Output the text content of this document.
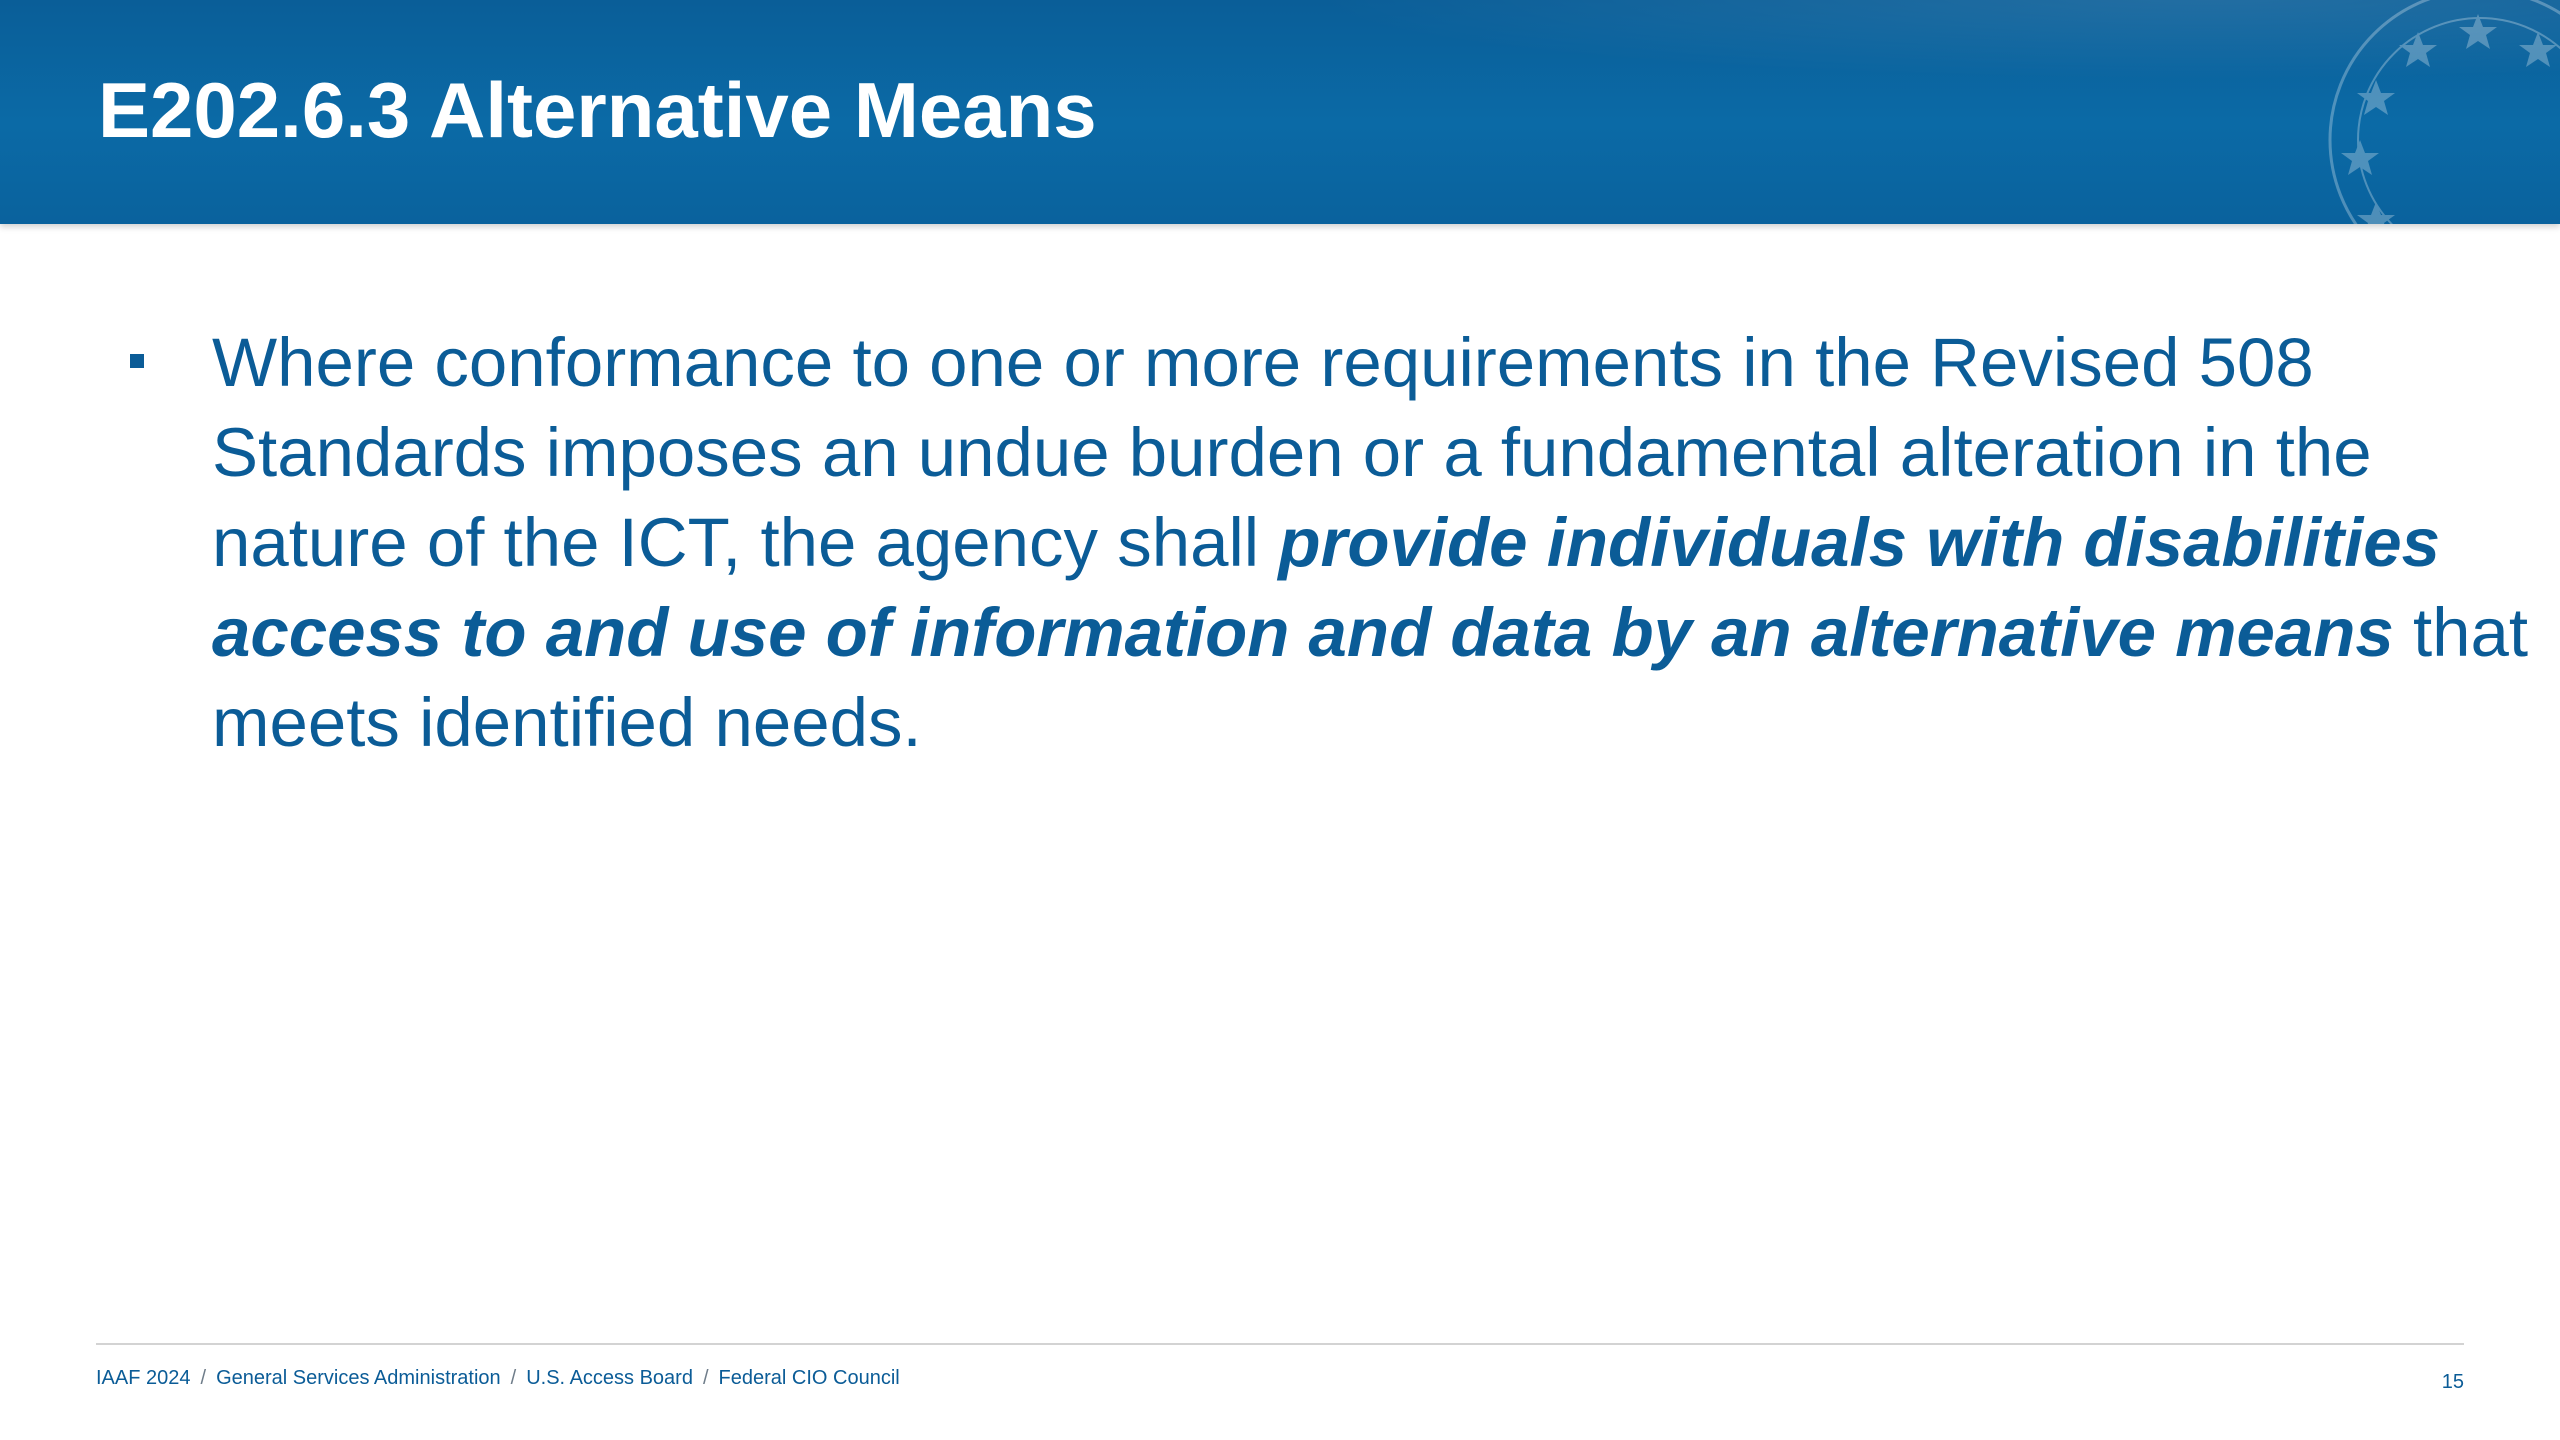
E202.6.3 Alternative Means

Where conformance to one or more requirements in the Revised 508 Standards imposes an undue burden or a fundamental alteration in the nature of the ICT, the agency shall provide individuals with disabilities access to and use of information and data by an alternative means that meets identified needs.

IAAF 2024 / General Services Administration / U.S. Access Board / Federal CIO Council	15
